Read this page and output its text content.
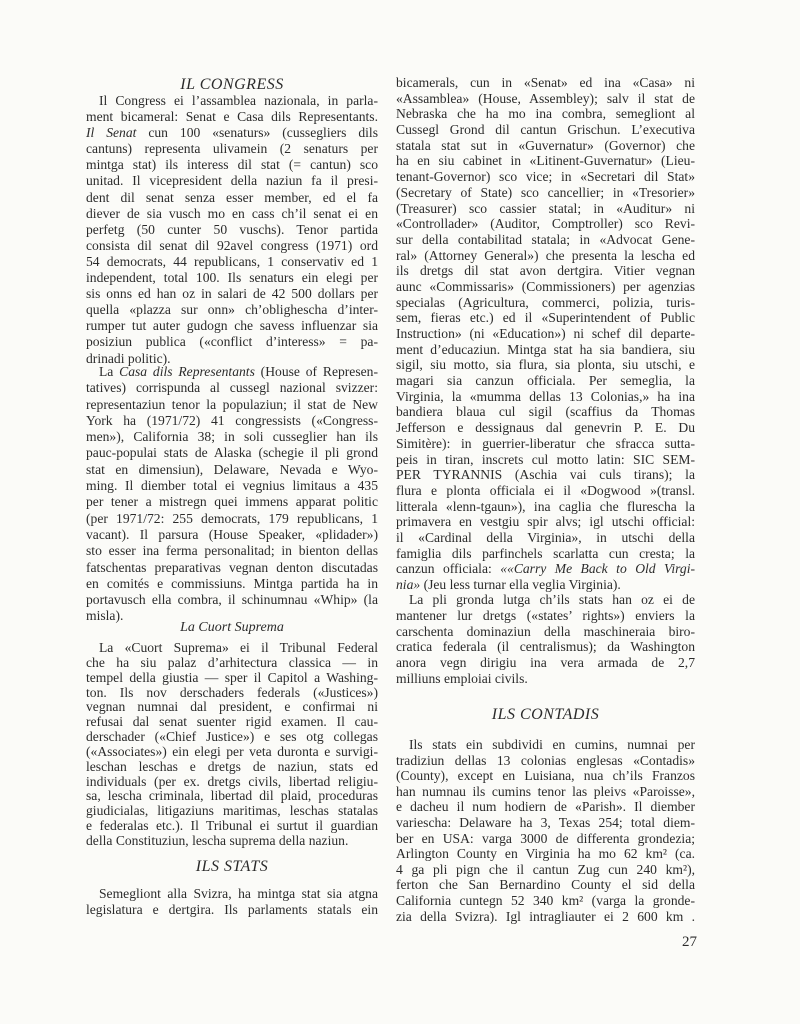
IL CONGRESS
Il Congress ei l’assamblea nazionala, in parla-
ment bicameral: Senat e Casa dils Representants.
Il Senat cun 100 «senaturs» (cussegliers dils
cantuns) representa ulivamein (2 senaturs per
mintga stat) ils interess dil stat (= cantun) sco
unitad. Il vicepresident della naziun fa il presi-
dent dil senat senza esser member, ed el fa
diever de sia vusch mo en cass ch’il senat ei en
perfetg (50 cunter 50 vuschs). Tenor partida
consista dil senat dil 92avel congress (1971) ord
54 democrats, 44 republicans, 1 conservativ ed 1
independent, total 100. Ils senaturs ein elegi per
sis onns ed han oz in salari de 42 500 dollars per
quella «plazza sur onn» ch’oblighescha d’inter-
rumper tut auter gudogn che savess influenzar sia
posiziun publica («conflict d’interess» = pa-
drinadi politic).
La Casa dils Representants (House of Represen-
tatives) corrispunda al cussegl nazional svizzer:
representaziun tenor la populaziun; il stat de New
York ha (1971/72) 41 congressists («Congress-
men»), California 38; in soli cusseglier han ils
pauc-populai stats de Alaska (schegie il pli grond
stat en dimensiun), Delaware, Nevada e Wyo-
ming. Il diember total ei vegnius limitaus a 435
per tener a mistregn quei immens apparat politic
(per 1971/72: 255 democrats, 179 republicans, 1
vacant). Il parsura (House Speaker, «plidader»)
sto esser ina ferma personalitad; in bienton dellas
fatschentas preparativas vegnan denton discutadas
en comités e commissiuns. Mintga partida ha in
portavusch ella combra, il schinumnau «Whip» (la
misla).
La Cuort Suprema
La «Cuort Suprema» ei il Tribunal Federal
che ha siu palaz d’arhitectura classica — in
tempel della giustia — sper il Capitol a Washing-
ton. Ils nov derschaders federals («Justices»)
vegnan numnai dal president, e confirmai ni
refusai dal senat suenter rigid examen. Il cau-
derschader («Chief Justice») e ses otg collegas
(«Associates») ein elegi per veta duronta e survigi-
leschan leschas e dretgs de naziun, stats ed
individuals (per ex. dretgs civils, libertad religiu-
sa, lescha criminala, libertad dil plaid, proceduras
giudicialas, litigaziuns maritimas, leschas statalas
e federalas etc.). Il Tribunal ei surtut il guardian
della Constituziun, lescha suprema della naziun.
ILS STATS
Semegliont alla Svizra, ha mintga stat sia atgna
legislatura e dertgira. Ils parlaments statals ein
bicamerals, cun in «Senat» ed ina «Casa» ni
«Assamblea» (House, Assembley); salv il stat de
Nebraska che ha mo ina combra, semegliont al
Cussegl Grond dil cantun Grischun. L’executiva
statala stat sut in «Guvernatur» (Governor) che
ha en siu cabinet in «Litinent-Guvernatur» (Lieu-
tenant-Governor) sco vice; in «Secretari dil Stat»
(Secretary of State) sco cancellier; in «Tresorier»
(Treasurer) sco cassier statal; in «Auditur» ni
«Controllader» (Auditor, Comptroller) sco Revi-
sur della contabilitad statala; in «Advocat Gene-
ral» (Attorney General») che presenta la lescha ed
ils dretgs dil stat avon dertgira. Vitier vegnan
aunc «Commissaris» (Commissioners) per agenzias
specialas (Agricultura, commerci, polizia, turis-
sem, fieras etc.) ed il «Superintendent of Public
Instruction» (ni «Education») ni schef dil departe-
ment d’educaziun. Mintga stat ha sia bandiera, siu
sigil, siu motto, sia flura, sia plonta, siu utschi, e
magari sia canzun officiala. Per semeglia, la
Virginia, la «mumma dellas 13 Colonias,» ha ina
bandiera blaua cul sigil (scaffius da Thomas
Jefferson e dessignaus dal genevrin P. E. Du
Simitère): in guerrier-liberatur che sfracca sutta-
peis in tiran, inscrets cul motto latin: SIC SEM-
PER TYRANNIS (Aschia vai culs tirans); la
flura e plonta officiala ei il «Dogwood »(transl.
litterala «lenn-tgaun»), ina caglia che flurescha la
primavera en vestgiu spir alvs; igl utschi official:
il «Cardinal della Virginia», in utschi della
famiglia dils parfinchels scarlatta cun cresta; la
canzun officiala: ««Carry Me Back to Old Virgi-
nia» (Jeu less turnar ella veglia Virginia).
La pli gronda lutga ch’ils stats han oz ei de
mantener lur dretgs («states’ rights») enviers la
carschenta dominaziun della maschineraia biro-
cratica federala (il centralismus); da Washington
anora vegn dirigiu ina vera armada de 2,7
milliuns emploiai civils.
ILS CONTADIS
Ils stats ein subdividi en cumins, numnai per
tradiziun dellas 13 colonias englesas «Contadis»
(County), except en Luisiana, nua ch’ils Franzos
han numnau ils cumins tenor las pleivs «Paroisse»,
e dacheu il num hodiern de «Parish». Il diember
variescha: Delaware ha 3, Texas 254; total diem-
ber en USA: varga 3000 de differenta grondezia;
Arlington County en Virginia ha mo 62 km² (ca.
4 ga pli pign che il cantun Zug cun 240 km²),
ferton che San Bernardino County el sid della
California cuntegn 52 340 km² (varga la gronde-
zia della Svizra). Igl intragliauter ei 2 600 km .
27
